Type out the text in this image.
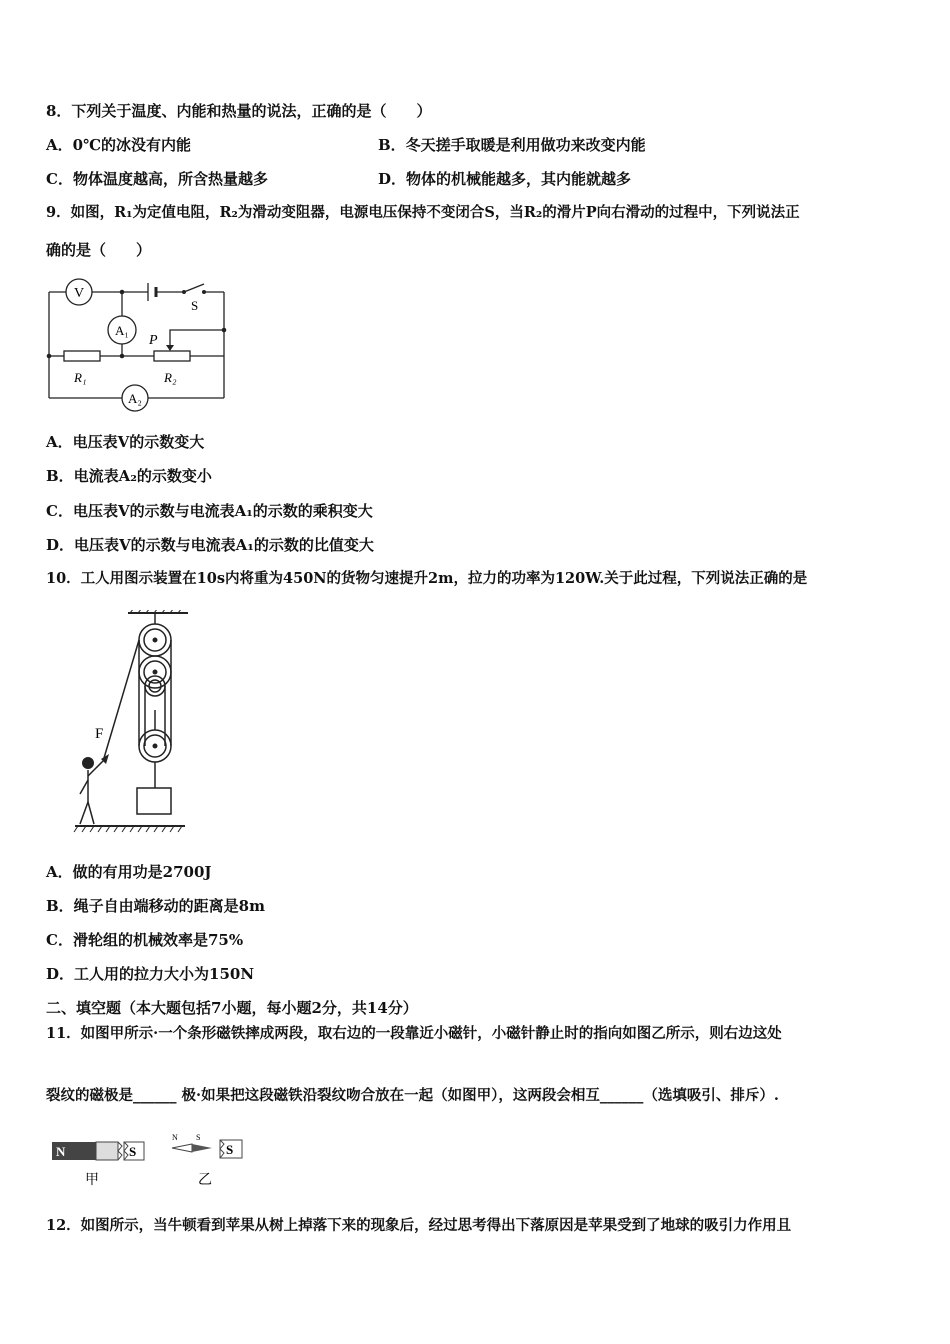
8．下列关于温度、内能和热量的说法，正确的是（　　）
A．0℃的冰没有内能	B．冬天搓手取暖是利用做功来改变内能
C．物体温度越高，所含热量越多	D．物体的机械能越多，其内能就越多
9．如图，R₁为定值电阻，R₂为滑动变阻器，电源电压保持不变闭合S，当R₂的滑片P向右滑动的过程中，下列说法正
确的是（　　）
V
A₁
A₂
S
P
R₁	R₂
A．电压表V的示数变大
B．电流表A₂的示数变小
C．电压表V的示数与电流表A₁的示数的乘积变大
D．电压表V的示数与电流表A₁的示数的比值变大
10．工人用图示装置在10s内将重为450N的货物匀速提升2m，拉力的功率为120W.关于此过程，下列说法正确的是
F
A．做的有用功是2700J
B．绳子自由端移动的距离是8m
C．滑轮组的机械效率是75%
D．工人用的拉力大小为150N
二、填空题（本大题包括7小题，每小题2分，共14分）
11．如图甲所示·一个条形磁铁摔成两段，取右边的一段靠近小磁针，小磁针静止时的指向如图乙所示，则右边这处
裂纹的磁极是______ 极·如果把这段磁铁沿裂纹吻合放在一起（如图甲），这两段会相互______（选填吸引、排斥）.
N	S
甲
N S
S
乙
12．如图所示，当牛顿看到苹果从树上掉落下来的现象后，经过思考得出下落原因是苹果受到了地球的吸引力作用且
